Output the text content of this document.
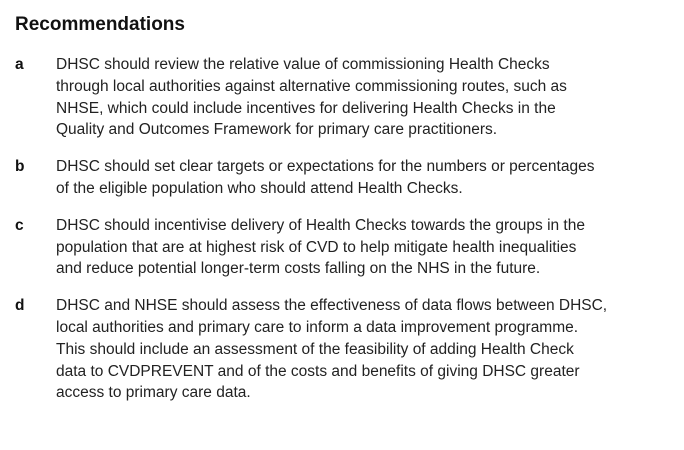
Recommendations
a DHSC should review the relative value of commissioning Health Checks
through local authorities against alternative commissioning routes, such as
NHSE, which could include incentives for delivering Health Checks in the
Quality and Outcomes Framework for primary care practitioners.
b DHSC should set clear targets or expectations for the numbers or percentages
of the eligible population who should attend Health Checks.
c DHSC should incentivise delivery of Health Checks towards the groups in the
population that are at highest risk of CVD to help mitigate health inequalities
and reduce potential longer-term costs falling on the NHS in the future.
d DHSC and NHSE should assess the effectiveness of data flows between DHSC,
local authorities and primary care to inform a data improvement programme.
This should include an assessment of the feasibility of adding Health Check
data to CVDPREVENT and of the costs and benefits of giving DHSC greater
access to primary care data.
